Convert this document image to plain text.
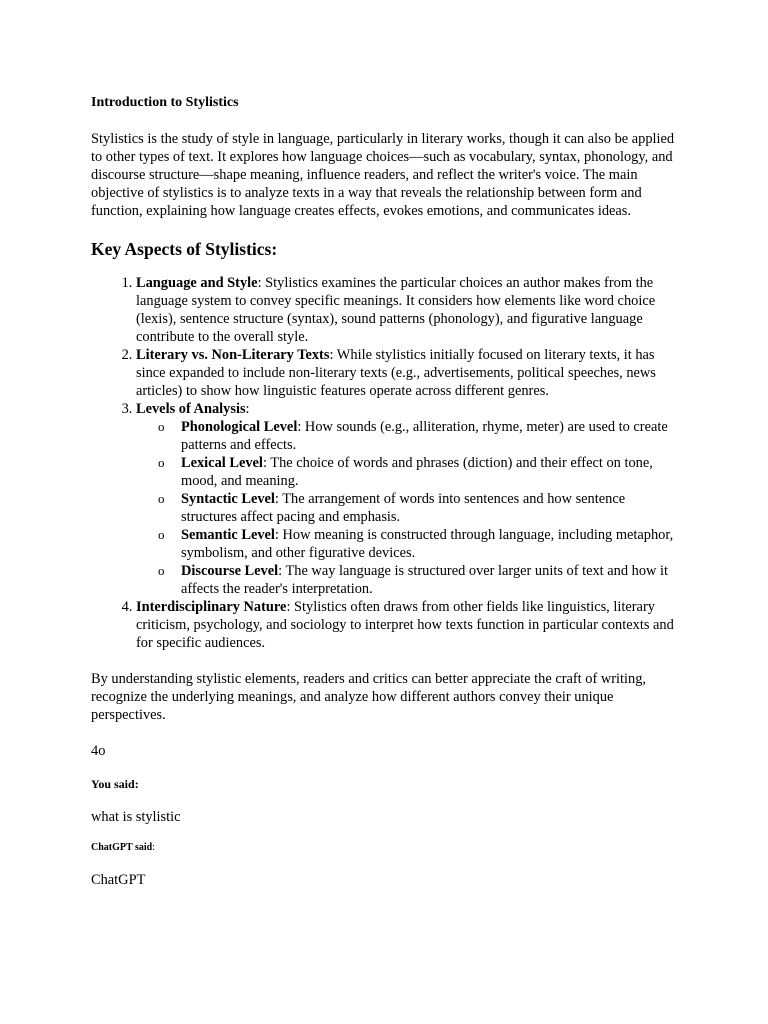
Introduction to Stylistics

Stylistics is the study of style in language, particularly in literary works, though it can also be applied to other types of text. It explores how language choices—such as vocabulary, syntax, phonology, and discourse structure—shape meaning, influence readers, and reflect the writer's voice. The main objective of stylistics is to analyze texts in a way that reveals the relationship between form and function, explaining how language creates effects, evokes emotions, and communicates ideas.

Key Aspects of Stylistics:
1. Language and Style: Stylistics examines the particular choices an author makes from the language system to convey specific meanings. It considers how elements like word choice (lexis), sentence structure (syntax), sound patterns (phonology), and figurative language contribute to the overall style.
2. Literary vs. Non-Literary Texts: While stylistics initially focused on literary texts, it has since expanded to include non-literary texts (e.g., advertisements, political speeches, news articles) to show how linguistic features operate across different genres.
3. Levels of Analysis:
o Phonological Level: How sounds (e.g., alliteration, rhyme, meter) are used to create patterns and effects.
o Lexical Level: The choice of words and phrases (diction) and their effect on tone, mood, and meaning.
o Syntactic Level: The arrangement of words into sentences and how sentence structures affect pacing and emphasis.
o Semantic Level: How meaning is constructed through language, including metaphor, symbolism, and other figurative devices.
o Discourse Level: The way language is structured over larger units of text and how it affects the reader's interpretation.
4. Interdisciplinary Nature: Stylistics often draws from other fields like linguistics, literary criticism, psychology, and sociology to interpret how texts function in particular contexts and for specific audiences.

By understanding stylistic elements, readers and critics can better appreciate the craft of writing, recognize the underlying meanings, and analyze how different authors convey their unique perspectives.

4o
You said:
what is stylistic
ChatGPT said:
ChatGPT
